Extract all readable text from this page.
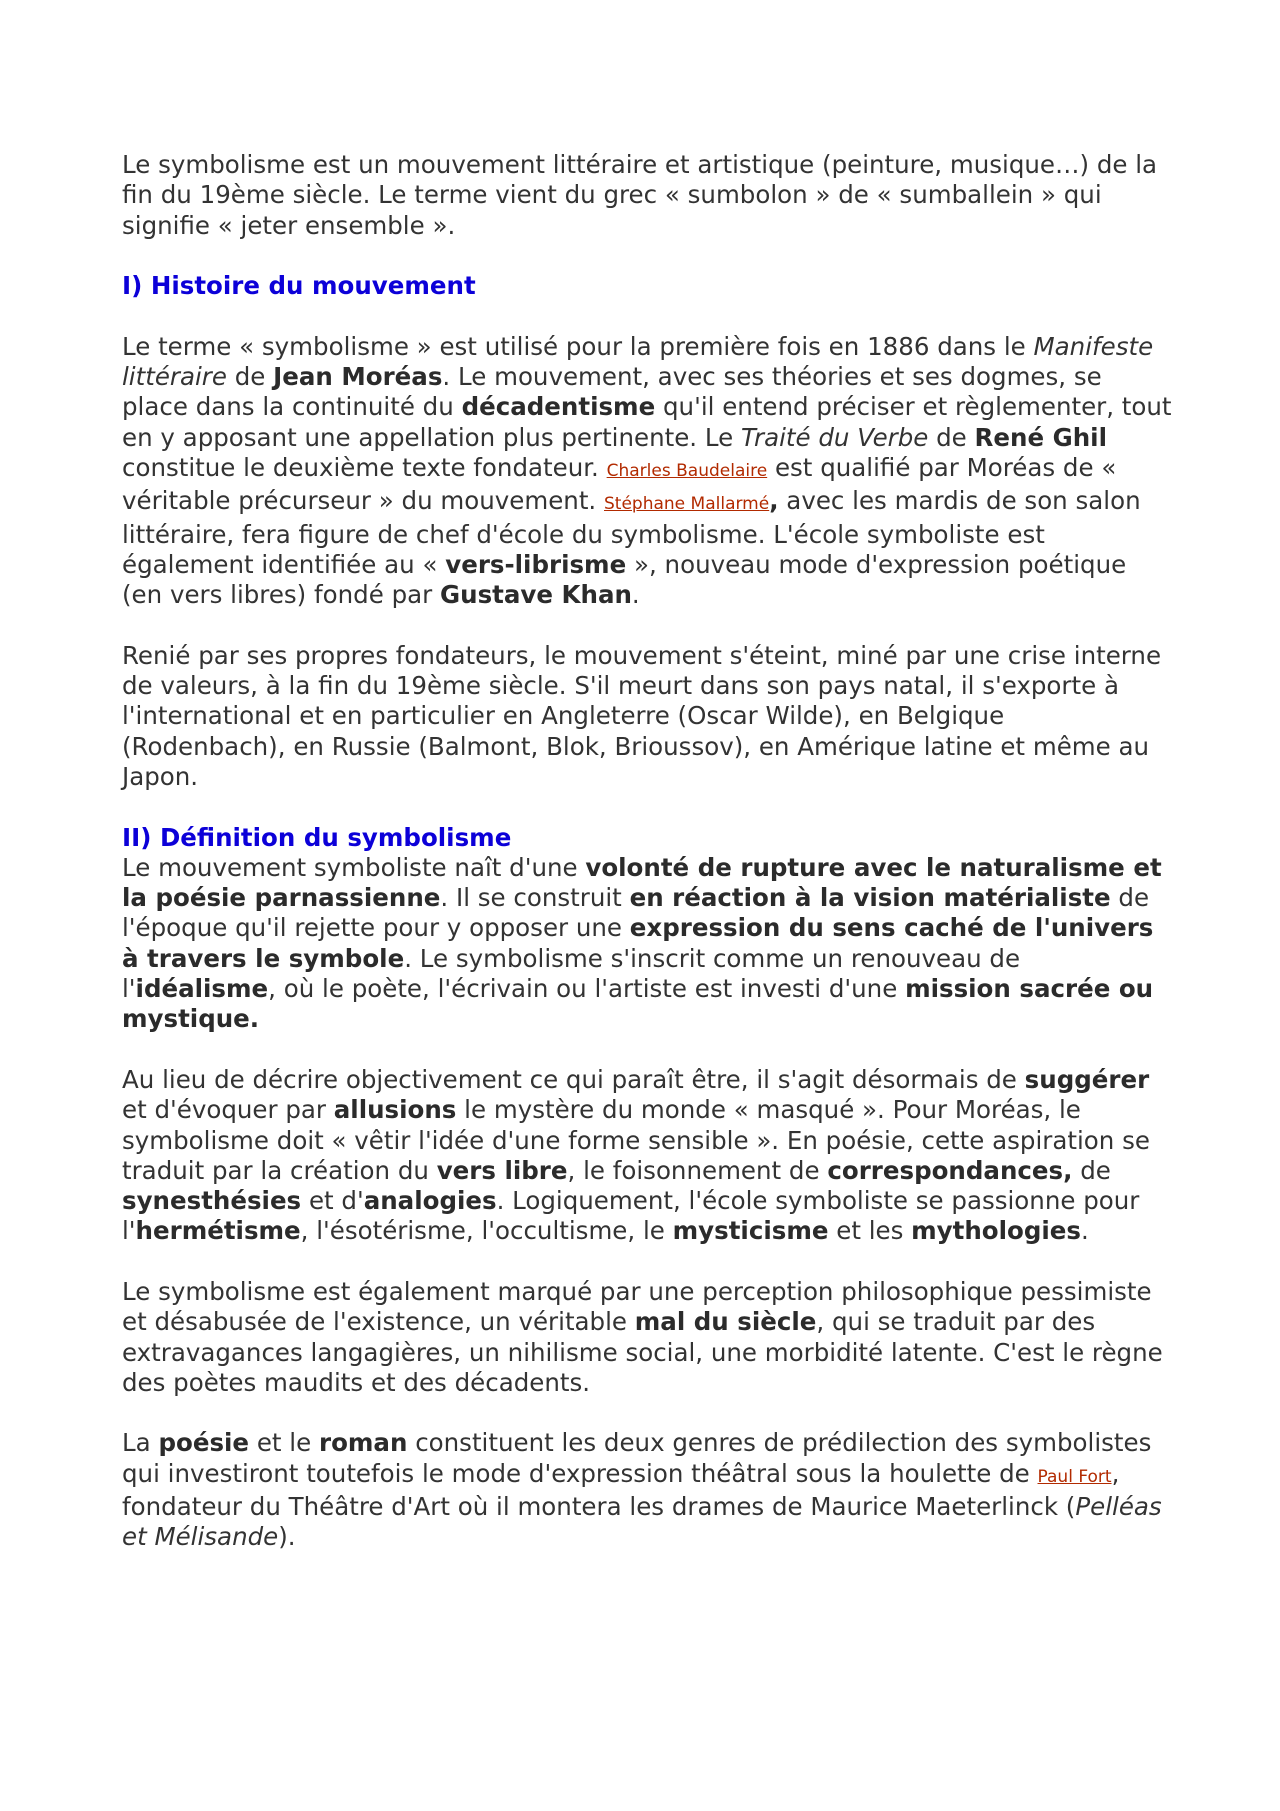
Le symbolisme est un mouvement littéraire et artistique (peinture, musique…) de la fin du 19ème siècle. Le terme vient du grec « sumbolon » de « sumballein » qui signifie « jeter ensemble ».

I) Histoire du mouvement

Le terme « symbolisme » est utilisé pour la première fois en 1886 dans le Manifeste littéraire de Jean Moréas. Le mouvement, avec ses théories et ses dogmes, se place dans la continuité du décadentisme qu'il entend préciser et règlementer, tout en y apposant une appellation plus pertinente. Le Traité du Verbe de René Ghil constitue le deuxième texte fondateur. Charles Baudelaire est qualifié par Moréas de « véritable précurseur » du mouvement. Stéphane Mallarmé, avec les mardis de son salon littéraire, fera figure de chef d'école du symbolisme. L'école symboliste est également identifiée au « vers-librisme », nouveau mode d'expression poétique (en vers libres) fondé par Gustave Khan.

Renié par ses propres fondateurs, le mouvement s'éteint, miné par une crise interne de valeurs, à la fin du 19ème siècle. S'il meurt dans son pays natal, il s'exporte à l'international et en particulier en Angleterre (Oscar Wilde), en Belgique (Rodenbach), en Russie (Balmont, Blok, Brioussov), en Amérique latine et même au Japon.

II) Définition du symbolisme

Le mouvement symboliste naît d'une volonté de rupture avec le naturalisme et la poésie parnassienne. Il se construit en réaction à la vision matérialiste de l'époque qu'il rejette pour y opposer une expression du sens caché de l'univers à travers le symbole. Le symbolisme s'inscrit comme un renouveau de l'idéalisme, où le poète, l'écrivain ou l'artiste est investi d'une mission sacrée ou mystique.

Au lieu de décrire objectivement ce qui paraît être, il s'agit désormais de suggérer et d'évoquer par allusions le mystère du monde « masqué ». Pour Moréas, le symbolisme doit « vêtir l'idée d'une forme sensible ». En poésie, cette aspiration se traduit par la création du vers libre, le foisonnement de correspondances, de synesthésies et d'analogies. Logiquement, l'école symboliste se passionne pour l'hermétisme, l'ésotérisme, l'occultisme, le mysticisme et les mythologies.

Le symbolisme est également marqué par une perception philosophique pessimiste et désabusée de l'existence, un véritable mal du siècle, qui se traduit par des extravagances langagières, un nihilisme social, une morbidité latente. C'est le règne des poètes maudits et des décadents.

La poésie et le roman constituent les deux genres de prédilection des symbolistes qui investiront toutefois le mode d'expression théâtral sous la houlette de Paul Fort, fondateur du Théâtre d'Art où il montera les drames de Maurice Maeterlinck (Pelléas et Mélisande).
